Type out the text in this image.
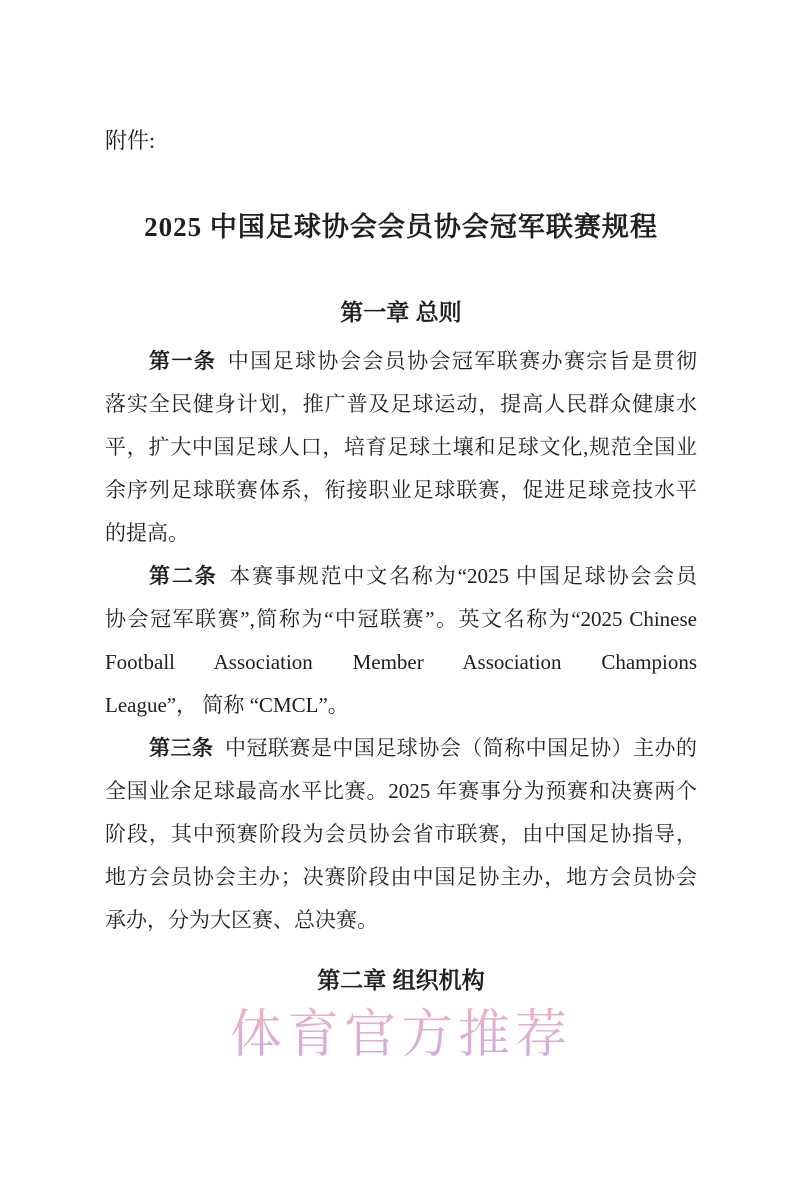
附件:
2025 中国足球协会会员协会冠军联赛规程
第一章 总则
第一条 中国足球协会会员协会冠军联赛办赛宗旨是贯彻
落实全民健身计划，推广普及足球运动，提高人民群众健康水
平，扩大中国足球人口，培育足球土壤和足球文化,规范全国业
余序列足球联赛体系，衔接职业足球联赛，促进足球竞技水平
的提高。
第二条 本赛事规范中文名称为“2025 中国足球协会会员
协会冠军联赛”,简称为“中冠联赛”。英文名称为“2025 Chinese
Football Association Member Association Champions
League”， 简称 “CMCL”。
第三条 中冠联赛是中国足球协会（简称中国足协）主办的
全国业余足球最高水平比赛。2025 年赛事分为预赛和决赛两个
阶段，其中预赛阶段为会员协会省市联赛，由中国足协指导，
地方会员协会主办；决赛阶段由中国足协主办，地方会员协会
承办，分为大区赛、总决赛。
第二章 组织机构
体育官方推荐
